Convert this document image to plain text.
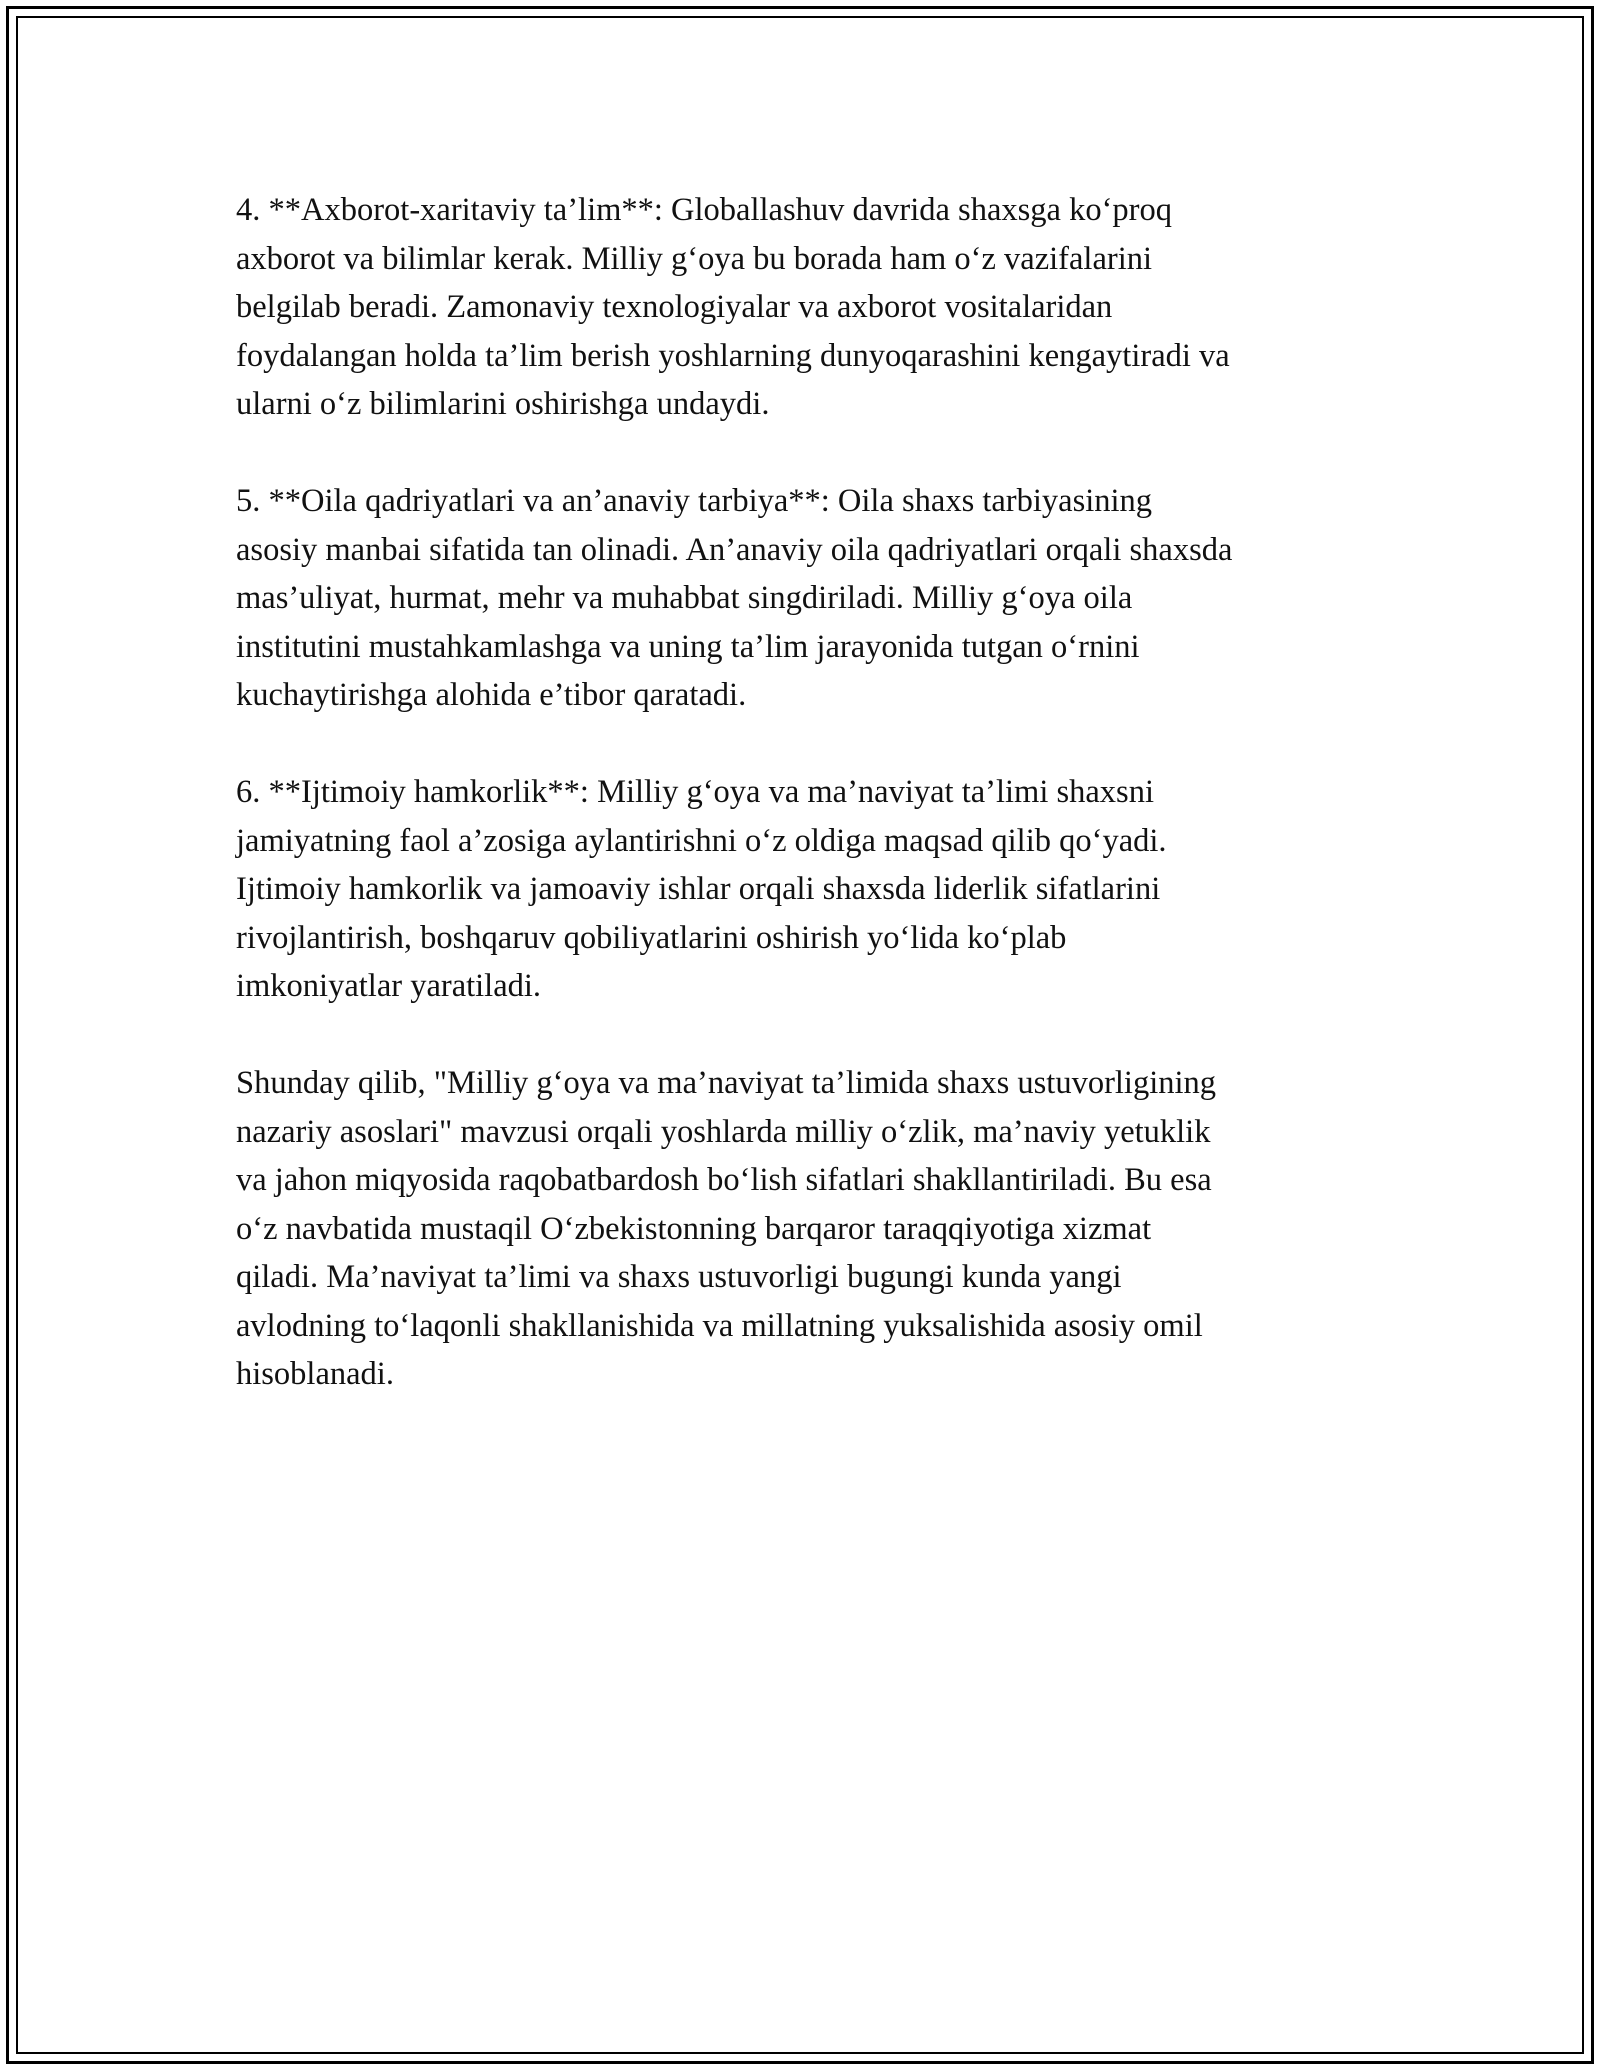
4. **Axborot-xaritaviy ta’lim**: Globallashuv davrida shaxsga koʻproq
axborot va bilimlar kerak. Milliy gʻoya bu borada ham oʻz vazifalarini
belgilab beradi. Zamonaviy texnologiyalar va axborot vositalaridan
foydalangan holda ta’lim berish yoshlarning dunyoqarashini kengaytiradi va
ularni oʻz bilimlarini oshirishga undaydi.

5. **Oila qadriyatlari va an’anaviy tarbiya**: Oila shaxs tarbiyasining
asosiy manbai sifatida tan olinadi. An’anaviy oila qadriyatlari orqali shaxsda
mas’uliyat, hurmat, mehr va muhabbat singdiriladi. Milliy gʻoya oila
institutini mustahkamlashga va uning ta’lim jarayonida tutgan oʻrnini
kuchaytirishga alohida e’tibor qaratadi.

6. **Ijtimoiy hamkorlik**: Milliy gʻoya va ma’naviyat ta’limi shaxsni
jamiyatning faol a’zosiga aylantirishni oʻz oldiga maqsad qilib qoʻyadi.
Ijtimoiy hamkorlik va jamoaviy ishlar orqali shaxsda liderlik sifatlarini
rivojlantirish, boshqaruv qobiliyatlarini oshirish yoʻlida koʻplab
imkoniyatlar yaratiladi.

Shunday qilib, "Milliy gʻoya va ma’naviyat ta’limida shaxs ustuvorligining
nazariy asoslari" mavzusi orqali yoshlarda milliy oʻzlik, ma’naviy yetuklik
va jahon miqyosida raqobatbardosh boʻlish sifatlari shakllantiriladi. Bu esa
oʻz navbatida mustaqil Oʻzbekistonning barqaror taraqqiyotiga xizmat
qiladi. Ma’naviyat ta’limi va shaxs ustuvorligi bugungi kunda yangi
avlodning toʻlaqonli shakllanishida va millatning yuksalishida asosiy omil
hisoblanadi.
